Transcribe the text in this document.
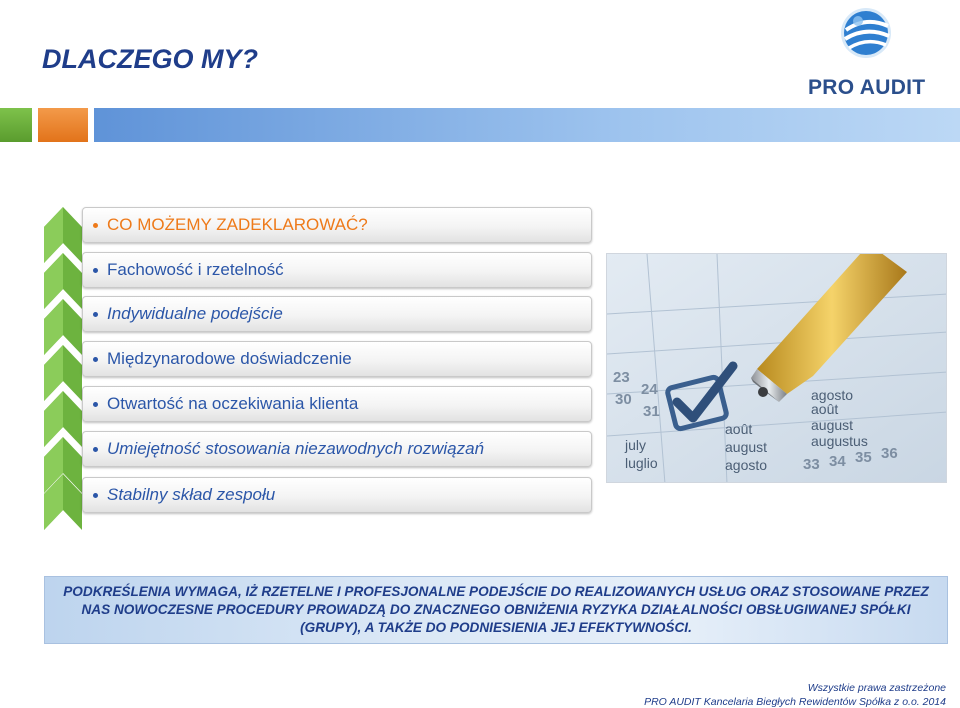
DLACZEGO MY?
PRO AUDIT
CO MOŻEMY ZADEKLAROWAĆ?
Fachowość i rzetelność
Indywidualne podejście
Międzynarodowe doświadczenie
Otwartość na oczekiwania klienta
Umiejętność stosowania niezawodnych rozwiązań
Stabilny skład zespołu
23
30
24
31
33 34 35 36
july
luglio
août
august
agosto
août
august
augustus
agosto

PODKREŚLENIA WYMAGA, IŻ RZETELNE I PROFESJONALNE PODEJŚCIE DO REALIZOWANYCH USŁUG ORAZ STOSOWANE PRZEZ NAS NOWOCZESNE PROCEDURY PROWADZĄ DO ZNACZNEGO OBNIŻENIA RYZYKA DZIAŁALNOŚCI OBSŁUGIWANEJ SPÓŁKI (GRUPY), A TAKŻE DO PODNIESIENIA JEJ EFEKTYWNOŚCI.

Wszystkie prawa zastrzeżone
PRO AUDIT Kancelaria Biegłych Rewidentów Spółka z o.o. 2014
